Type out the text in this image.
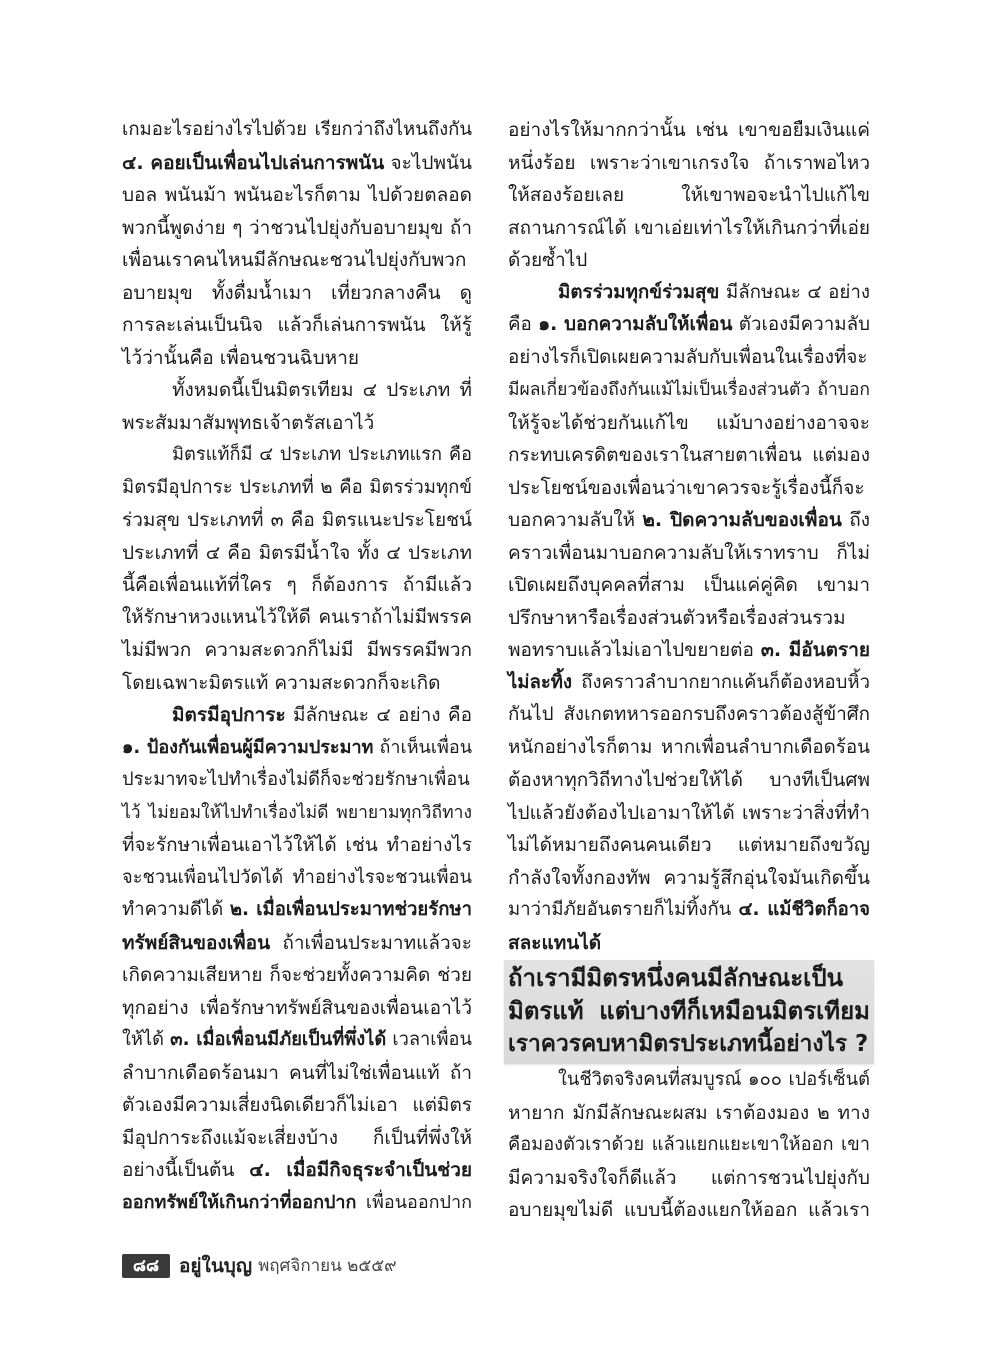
เกมอะไรอย่างไรไปด้วย เรียกว่าถึงไหนถึงกัน
๔. คอยเป็นเพื่อนไปเล่นการพนัน จะไปพนัน
บอล พนันม้า พนันอะไรก็ตาม ไปด้วยตลอด
พวกนี้พูดง่าย ๆ ว่าชวนไปยุ่งกับอบายมุข ถ้า
เพื่อนเราคนไหนมีลักษณะชวนไปยุ่งกับพวก
อบายมุข ทั้งดื่มน้ำเมา เที่ยวกลางคืน ดู
การละเล่นเป็นนิจ แล้วก็เล่นการพนัน ให้รู้
ไว้ว่านั้นคือ เพื่อนชวนฉิบหาย
ทั้งหมดนี้เป็นมิตรเทียม ๔ ประเภท ที่
พระสัมมาสัมพุทธเจ้าตรัสเอาไว้
มิตรแท้ก็มี ๔ ประเภท ประเภทแรก คือ
มิตรมีอุปการะ ประเภทที่ ๒ คือ มิตรร่วมทุกข์
ร่วมสุข ประเภทที่ ๓ คือ มิตรแนะประโยชน์
ประเภทที่ ๔ คือ มิตรมีน้ำใจ ทั้ง ๔ ประเภท
นี้คือเพื่อนแท้ที่ใคร ๆ ก็ต้องการ ถ้ามีแล้ว
ให้รักษาหวงแหนไว้ให้ดี คนเราถ้าไม่มีพรรค
ไม่มีพวก ความสะดวกก็ไม่มี มีพรรคมีพวก
โดยเฉพาะมิตรแท้ ความสะดวกก็จะเกิด
มิตรมีอุปการะ มีลักษณะ ๔ อย่าง คือ
๑. ป้องกันเพื่อนผู้มีความประมาท ถ้าเห็นเพื่อน
ประมาทจะไปทำเรื่องไม่ดีก็จะช่วยรักษาเพื่อน
ไว้ ไม่ยอมให้ไปทำเรื่องไม่ดี พยายามทุกวิถีทาง
ที่จะรักษาเพื่อนเอาไว้ให้ได้ เช่น ทำอย่างไร
จะชวนเพื่อนไปวัดได้ ทำอย่างไรจะชวนเพื่อน
ทำความดีได้ ๒. เมื่อเพื่อนประมาทช่วยรักษา
ทรัพย์สินของเพื่อน ถ้าเพื่อนประมาทแล้วจะ
เกิดความเสียหาย ก็จะช่วยทั้งความคิด ช่วย
ทุกอย่าง เพื่อรักษาทรัพย์สินของเพื่อนเอาไว้
ให้ได้ ๓. เมื่อเพื่อนมีภัยเป็นที่พึ่งได้ เวลาเพื่อน
ลำบากเดือดร้อนมา คนที่ไม่ใช่เพื่อนแท้ ถ้า
ตัวเองมีความเสี่ยงนิดเดียวก็ไม่เอา แต่มิตร
มีอุปการะถึงแม้จะเสี่ยงบ้าง ก็เป็นที่พึ่งให้
อย่างนี้เป็นต้น ๔. เมื่อมีกิจธุระจำเป็นช่วย
ออกทรัพย์ให้เกินกว่าที่ออกปาก เพื่อนออกปาก
อย่างไรให้มากกว่านั้น เช่น เขาขอยืมเงินแค่
หนึ่งร้อย เพราะว่าเขาเกรงใจ ถ้าเราพอไหว
ให้สองร้อยเลย ให้เขาพอจะนำไปแก้ไข
สถานการณ์ได้ เขาเอ่ยเท่าไรให้เกินกว่าที่เอ่ย
ด้วยซ้ำไป
มิตรร่วมทุกข์ร่วมสุข มีลักษณะ ๔ อย่าง
คือ ๑. บอกความลับให้เพื่อน ตัวเองมีความลับ
อย่างไรก็เปิดเผยความลับกับเพื่อนในเรื่องที่จะ
มีผลเกี่ยวข้องถึงกันแม้ไม่เป็นเรื่องส่วนตัว ถ้าบอก
ให้รู้จะได้ช่วยกันแก้ไข แม้บางอย่างอาจจะ
กระทบเครดิตของเราในสายตาเพื่อน แต่มอง
ประโยชน์ของเพื่อนว่าเขาควรจะรู้เรื่องนี้ก็จะ
บอกความลับให้ ๒. ปิดความลับของเพื่อน ถึง
คราวเพื่อนมาบอกความลับให้เราทราบ ก็ไม่
เปิดเผยถึงบุคคลที่สาม เป็นแค่คู่คิด เขามา
ปรึกษาหารือเรื่องส่วนตัวหรือเรื่องส่วนรวม
พอทราบแล้วไม่เอาไปขยายต่อ ๓. มีอันตราย
ไม่ละทิ้ง ถึงคราวลำบากยากแค้นก็ต้องหอบหิ้ว
กันไป สังเกตทหารออกรบถึงคราวต้องสู้ข้าศึก
หนักอย่างไรก็ตาม หากเพื่อนลำบากเดือดร้อน
ต้องหาทุกวิถีทางไปช่วยให้ได้ บางทีเป็นศพ
ไปแล้วยังต้องไปเอามาให้ได้ เพราะว่าสิ่งที่ทำ
ไม่ได้หมายถึงคนคนเดียว แต่หมายถึงขวัญ
กำลังใจทั้งกองทัพ ความรู้สึกอุ่นใจมันเกิดขึ้น
มาว่ามีภัยอันตรายก็ไม่ทิ้งกัน ๔. แม้ชีวิตก็อาจ
สละแทนได้
ถ้าเรามีมิตรหนึ่งคนมีลักษณะเป็น
มิตรแท้ แต่บางทีก็เหมือนมิตรเทียม
เราควรคบหามิตรประเภทนี้อย่างไร ?
ในชีวิตจริงคนที่สมบูรณ์ ๑๐๐ เปอร์เซ็นต์
หายาก มักมีลักษณะผสม เราต้องมอง ๒ ทาง
คือมองตัวเราด้วย แล้วแยกแยะเขาให้ออก เขา
มีความจริงใจก็ดีแล้ว แต่การชวนไปยุ่งกับ
อบายมุขไม่ดี แบบนี้ต้องแยกให้ออก แล้วเรา
๘๘ อยู่ในบุญ พฤศจิกายน ๒๕๕๙
